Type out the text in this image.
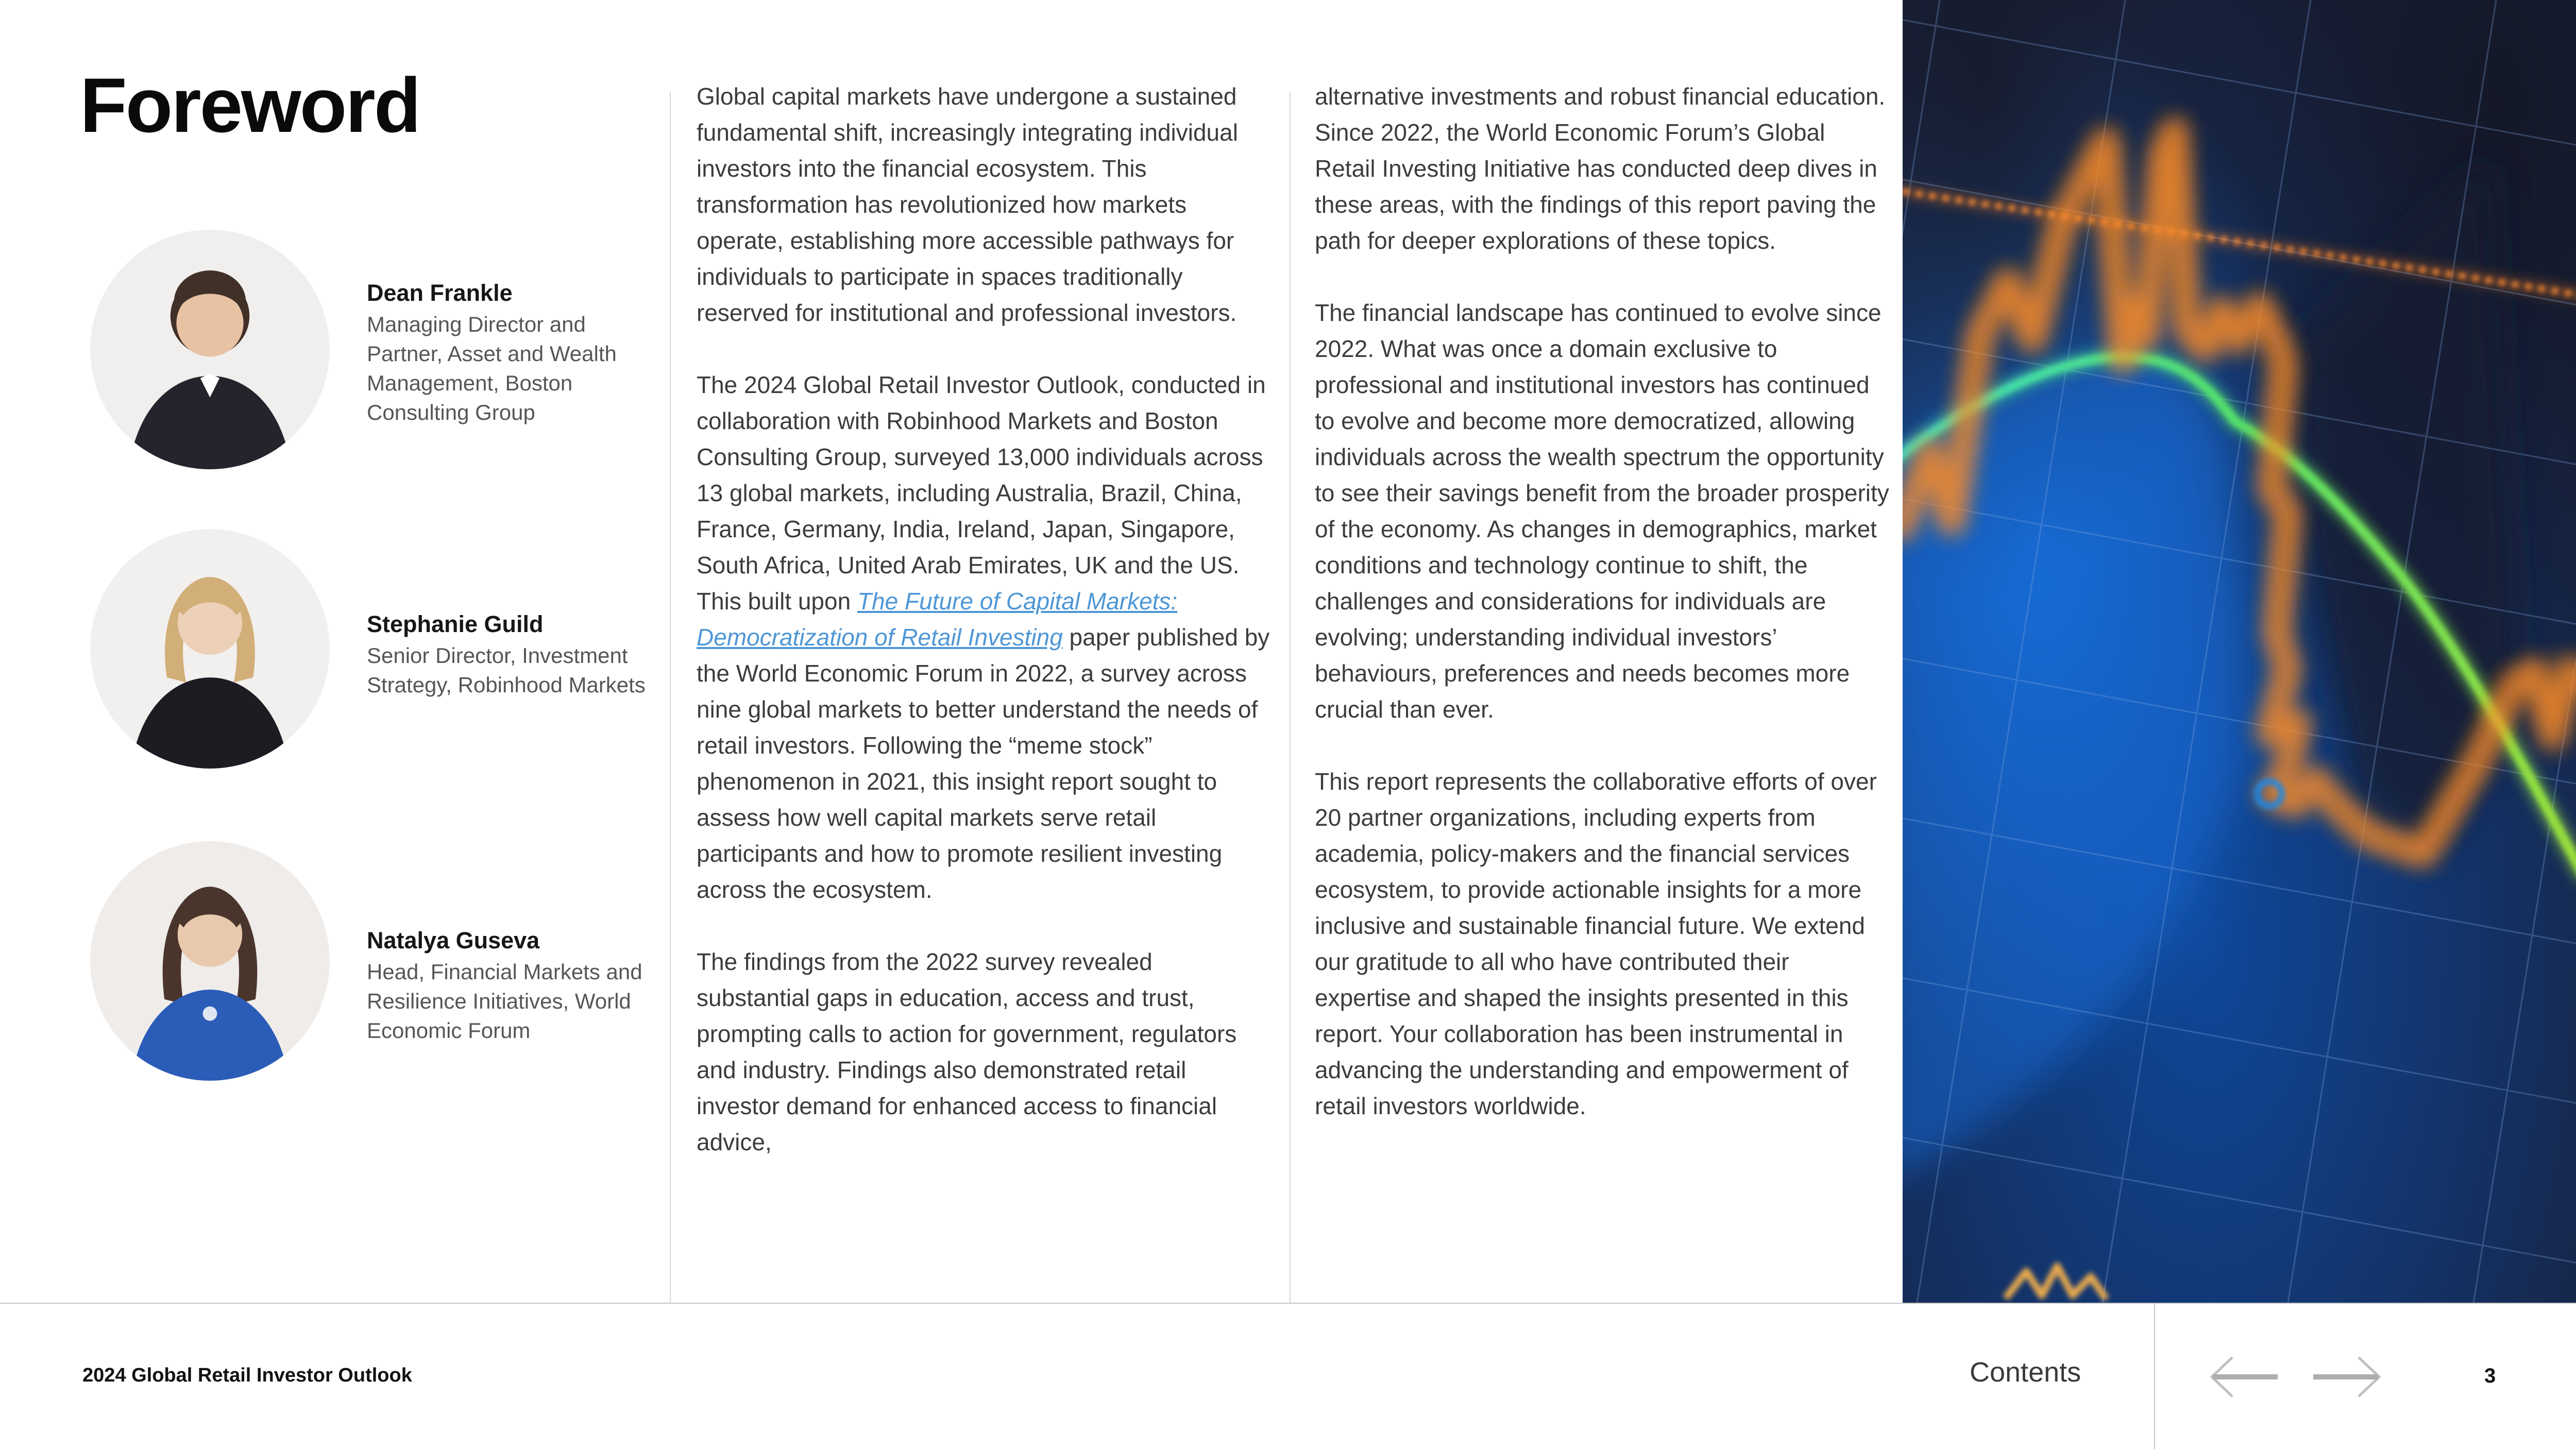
Foreword
Dean Frankle
Managing Director and Partner, Asset and Wealth Management, Boston Consulting Group
Stephanie Guild
Senior Director, Investment Strategy, Robinhood Markets
Natalya Guseva
Head, Financial Markets and Resilience Initiatives, World Economic Forum

Global capital markets have undergone a sustained fundamental shift, increasingly integrating individual investors into the financial ecosystem. This transformation has revolutionized how markets operate, establishing more accessible pathways for individuals to participate in spaces traditionally reserved for institutional and professional investors.

The 2024 Global Retail Investor Outlook, conducted in collaboration with Robinhood Markets and Boston Consulting Group, surveyed 13,000 individuals across 13 global markets, including Australia, Brazil, China, France, Germany, India, Ireland, Japan, Singapore, South Africa, United Arab Emirates, UK and the US. This built upon The Future of Capital Markets: Democratization of Retail Investing paper published by the World Economic Forum in 2022, a survey across nine global markets to better understand the needs of retail investors. Following the “meme stock” phenomenon in 2021, this insight report sought to assess how well capital markets serve retail participants and how to promote resilient investing across the ecosystem.

The findings from the 2022 survey revealed substantial gaps in education, access and trust, prompting calls to action for government, regulators and industry. Findings also demonstrated retail investor demand for enhanced access to financial advice,

alternative investments and robust financial education. Since 2022, the World Economic Forum’s Global Retail Investing Initiative has conducted deep dives in these areas, with the findings of this report paving the path for deeper explorations of these topics.

The financial landscape has continued to evolve since 2022. What was once a domain exclusive to professional and institutional investors has continued to evolve and become more democratized, allowing individuals across the wealth spectrum the opportunity to see their savings benefit from the broader prosperity of the economy. As changes in demographics, market conditions and technology continue to shift, the challenges and considerations for individuals are evolving; understanding individual investors’ behaviours, preferences and needs becomes more crucial than ever.

This report represents the collaborative efforts of over 20 partner organizations, including experts from academia, policy-makers and the financial services ecosystem, to provide actionable insights for a more inclusive and sustainable financial future. We extend our gratitude to all who have contributed their expertise and shaped the insights presented in this report. Your collaboration has been instrumental in advancing the understanding and empowerment of retail investors worldwide.

2024 Global Retail Investor Outlook	Contents	3
